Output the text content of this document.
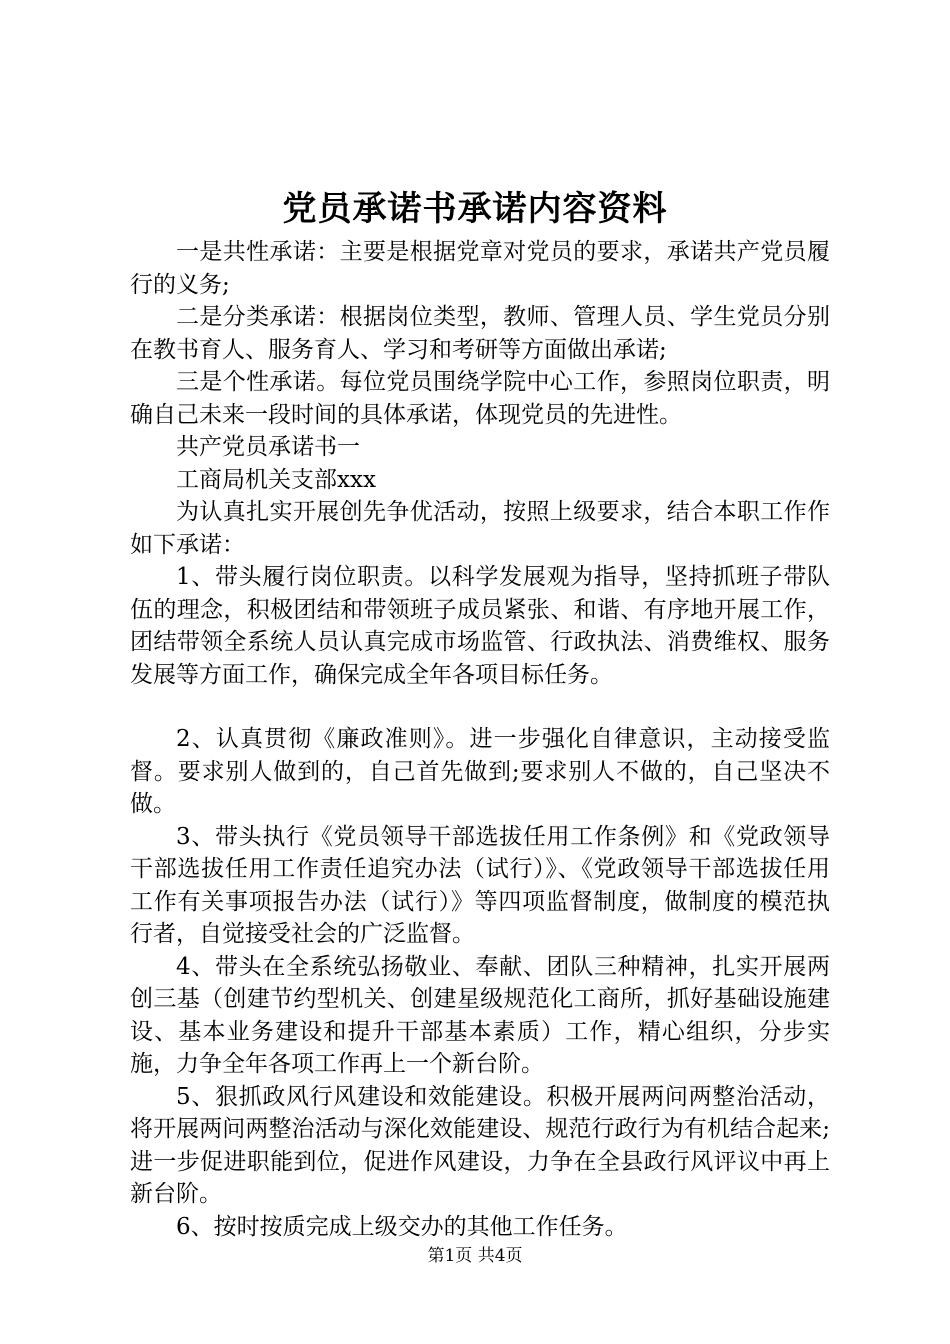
党员承诺书承诺内容资料

一是共性承诺：主要是根据党章对党员的要求，承诺共产党员履行的义务;

二是分类承诺：根据岗位类型，教师、管理人员、学生党员分别在教书育人、服务育人、学习和考研等方面做出承诺;

三是个性承诺。每位党员围绕学院中心工作，参照岗位职责，明确自己未来一段时间的具体承诺，体现党员的先进性。

共产党员承诺书一

工商局机关支部xxx

为认真扎实开展创先争优活动，按照上级要求，结合本职工作作如下承诺：

1、带头履行岗位职责。以科学发展观为指导，坚持抓班子带队伍的理念，积极团结和带领班子成员紧张、和谐、有序地开展工作，团结带领全系统人员认真完成市场监管、行政执法、消费维权、服务发展等方面工作，确保完成全年各项目标任务。

2、认真贯彻《廉政准则》。进一步强化自律意识，主动接受监督。要求别人做到的，自己首先做到;要求别人不做的，自己坚决不做。

3、带头执行《党员领导干部选拔任用工作条例》和《党政领导干部选拔任用工作责任追究办法（试行）》、《党政领导干部选拔任用工作有关事项报告办法（试行）》等四项监督制度，做制度的模范执行者，自觉接受社会的广泛监督。

4、带头在全系统弘扬敬业、奉献、团队三种精神，扎实开展两创三基（创建节约型机关、创建星级规范化工商所，抓好基础设施建设、基本业务建设和提升干部基本素质）工作，精心组织，分步实施，力争全年各项工作再上一个新台阶。

5、狠抓政风行风建设和效能建设。积极开展两问两整治活动，将开展两问两整治活动与深化效能建设、规范行政行为有机结合起来;进一步促进职能到位，促进作风建设，力争在全县政行风评议中再上新台阶。

6、按时按质完成上级交办的其他工作任务。

第1页 共4页
